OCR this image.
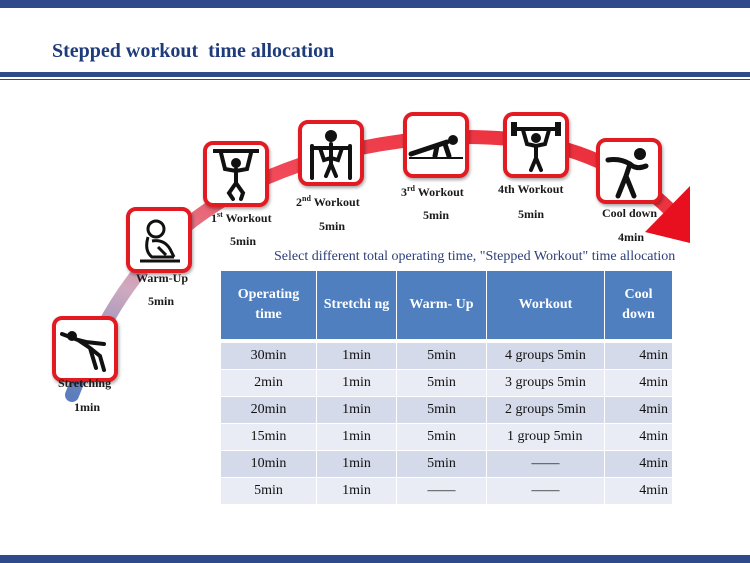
Stepped workout  time allocation
Stretching
1min
Warm-Up
5min
1st Workout
5min
2nd Workout
5min
3rd Workout
5min
4th Workout
5min	Cool down
4min
Select different total operating time, "Stepped Workout" time allocation
Operating time	Stretchi ng	Warm- Up	Workout	Cool down

30min	1min	5min	4 groups 5min	4min
2min	1min	5min	3 groups 5min	4min
20min	1min	5min	2 groups 5min	4min
15min	1min	5min	1 group 5min	4min
10min	1min	5min	——	4min
5min	1min	——	——	4min
